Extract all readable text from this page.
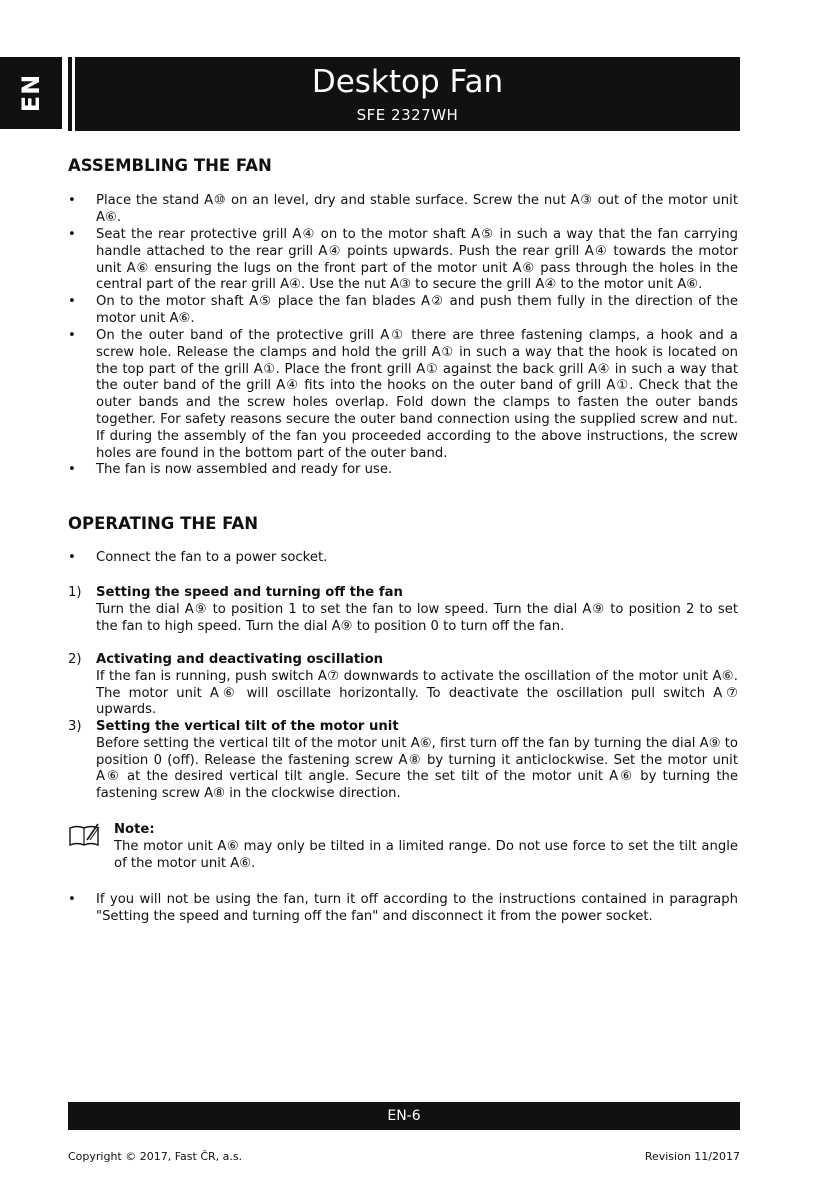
EN	Desktop Fan
SFE 2327WH
ASSEMBLING THE FAN
• Place the stand A⑩ on an level, dry and stable surface. Screw the nut A③ out of the motor unit A⑥.
• Seat the rear protective grill A④ on to the motor shaft A⑤ in such a way that the fan carrying handle attached to the rear grill A④ points upwards. Push the rear grill A④ towards the motor unit A⑥ ensuring the lugs on the front part of the motor unit A⑥ pass through the holes in the central part of the rear grill A④. Use the nut A③ to secure the grill A④ to the motor unit A⑥.
• On to the motor shaft A⑤ place the fan blades A② and push them fully in the direction of the motor unit A⑥.
• On the outer band of the protective grill A① there are three fastening clamps, a hook and a screw hole. Release the clamps and hold the grill A① in such a way that the hook is located on the top part of the grill A①. Place the front grill A① against the back grill A④ in such a way that the outer band of the grill A④ fits into the hooks on the outer band of grill A①. Check that the outer bands and the screw holes overlap. Fold down the clamps to fasten the outer bands together. For safety reasons secure the outer band connection using the supplied screw and nut. If during the assembly of the fan you proceeded according to the above instructions, the screw holes are found in the bottom part of the outer band.
• The fan is now assembled and ready for use.
OPERATING THE FAN
• Connect the fan to a power socket.
1) Setting the speed and turning off the fan
Turn the dial A⑨ to position 1 to set the fan to low speed. Turn the dial A⑨ to position 2 to set the fan to high speed. Turn the dial A⑨ to position 0 to turn off the fan.
2) Activating and deactivating oscillation
If the fan is running, push switch A⑦ downwards to activate the oscillation of the motor unit A⑥. The motor unit A⑥ will oscillate horizontally. To deactivate the oscillation pull switch A⑦ upwards.
3) Setting the vertical tilt of the motor unit
Before setting the vertical tilt of the motor unit A⑥, first turn off the fan by turning the dial A⑨ to position 0 (off). Release the fastening screw A⑧ by turning it anticlockwise. Set the motor unit A⑥ at the desired vertical tilt angle. Secure the set tilt of the motor unit A⑥ by turning the fastening screw A⑧ in the clockwise direction.
Note:
The motor unit A⑥ may only be tilted in a limited range. Do not use force to set the tilt angle of the motor unit A⑥.
• If you will not be using the fan, turn it off according to the instructions contained in paragraph "Setting the speed and turning off the fan" and disconnect it from the power socket.
EN-6
Copyright © 2017, Fast ČR, a.s.	Revision 11/2017
